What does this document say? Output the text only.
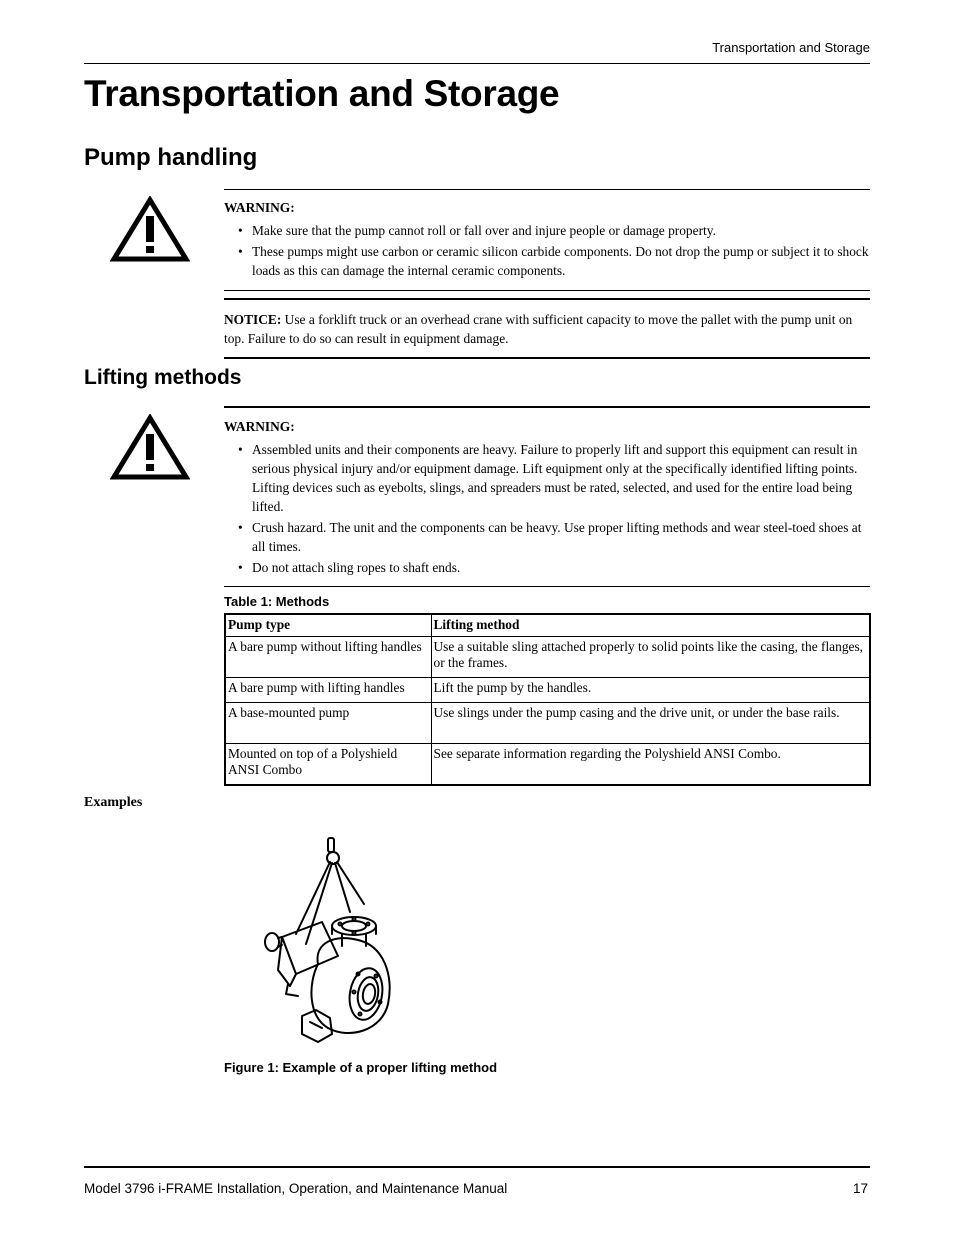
Transportation and Storage
Transportation and Storage
Pump handling
WARNING:
• Make sure that the pump cannot roll or fall over and injure people or damage property.
• These pumps might use carbon or ceramic silicon carbide components. Do not drop the pump or subject it to shock loads as this can damage the internal ceramic components.
NOTICE: Use a forklift truck or an overhead crane with sufficient capacity to move the pallet with the pump unit on top. Failure to do so can result in equipment damage.
Lifting methods
WARNING:
• Assembled units and their components are heavy. Failure to properly lift and support this equipment can result in serious physical injury and/or equipment damage. Lift equipment only at the specifically identified lifting points. Lifting devices such as eyebolts, slings, and spreaders must be rated, selected, and used for the entire load being lifted.
• Crush hazard. The unit and the components can be heavy. Use proper lifting methods and wear steel-toed shoes at all times.
• Do not attach sling ropes to shaft ends.
Table 1: Methods
Pump type	Lifting method
A bare pump without lifting handles	Use a suitable sling attached properly to solid points like the casing, the flanges, or the frames.
A bare pump with lifting handles	Lift the pump by the handles.
A base-mounted pump	Use slings under the pump casing and the drive unit, or under the base rails.
Mounted on top of a Polyshield ANSI Combo	See separate information regarding the Polyshield ANSI Combo.
Examples
Figure 1: Example of a proper lifting method
Model 3796 i-FRAME Installation, Operation, and Maintenance Manual	17
